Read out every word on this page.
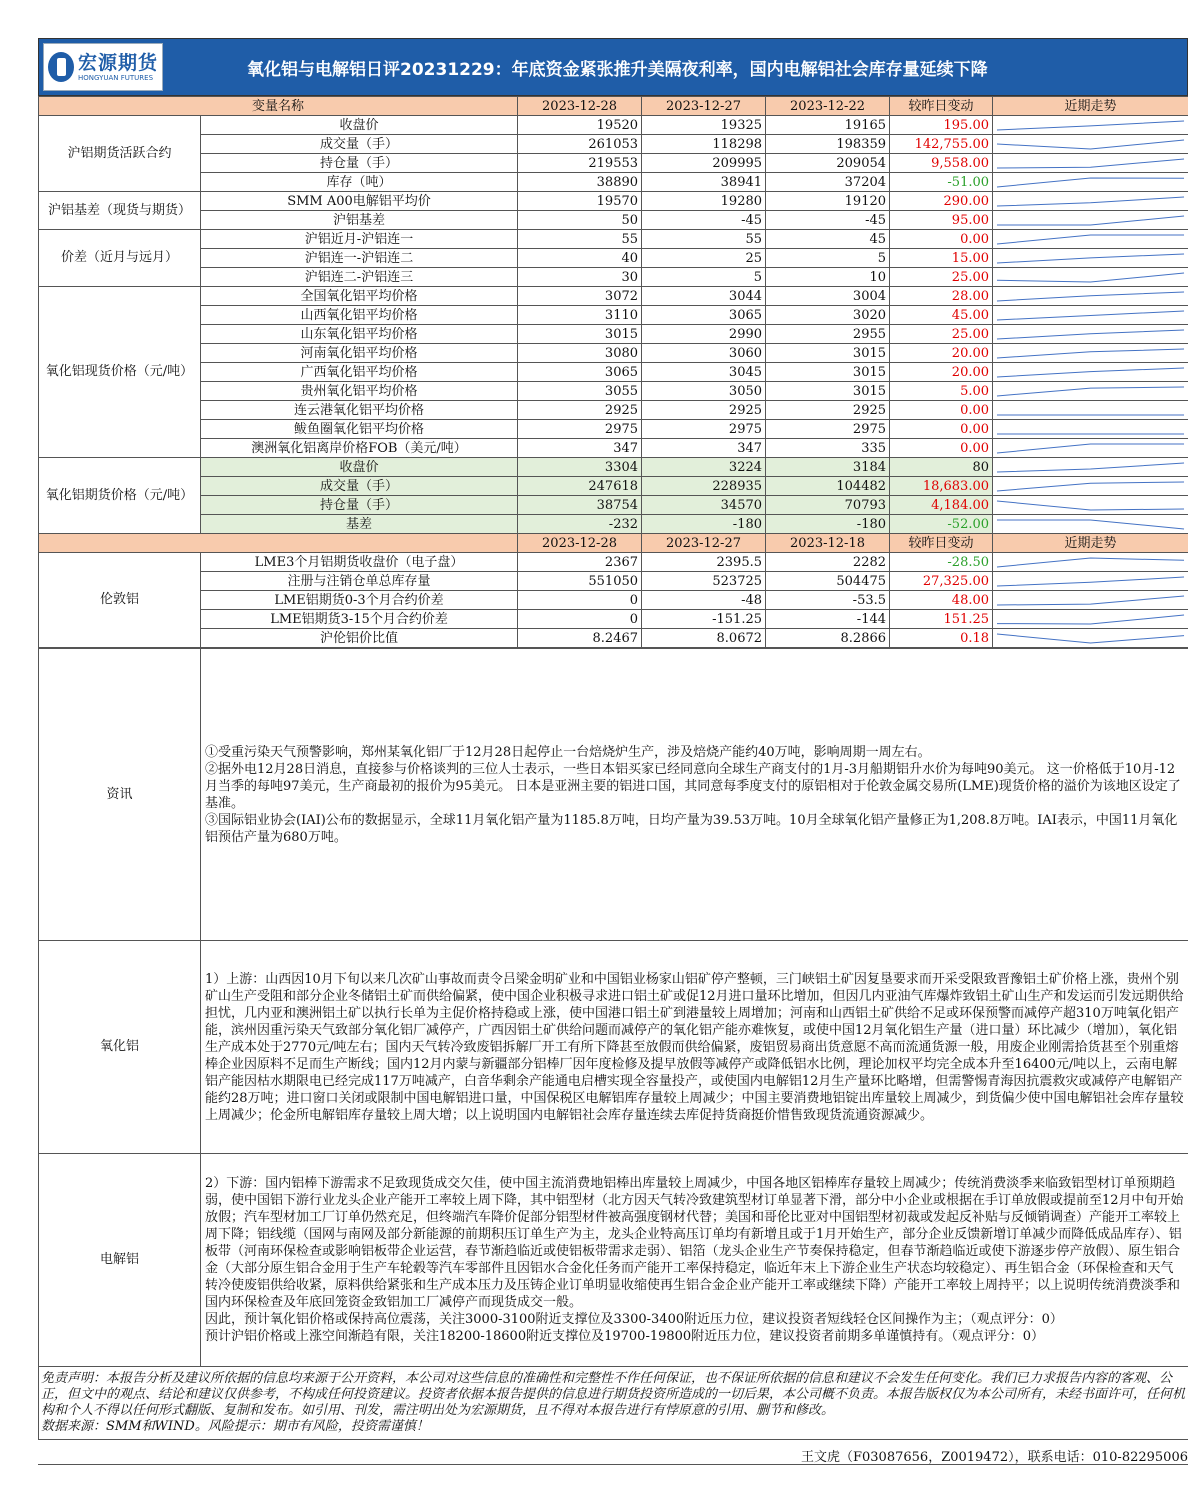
宏源期货
HONGYUAN FUTURES	氧化铝与电解铝日评20231229：年底资金紧张推升美隔夜利率，国内电解铝社会库存量延续下降
变量名称		2023-12-28	2023-12-27	2023-12-22	较昨日变动	近期走势
沪铝期货活跃合约	收盘价	19520	19325	19165	195.00	

	成交量（手）	261053	118298	198359	142,755.00	

	持仓量（手）	219553	209995	209054	9,558.00	

	库存（吨）	38890	38941	37204	-51.00	

沪铝基差（现货与期货）	SMM A00电解铝平均价	19570	19280	19120	290.00	

	沪铝基差	50	-45	-45	95.00	

价差（近月与远月）	沪铝近月-沪铝连一	55	55	45	0.00	

	沪铝连一-沪铝连二	40	25	5	15.00	

	沪铝连二-沪铝连三	30	5	10	25.00	

氧化铝现货价格（元/吨）	全国氧化铝平均价格	3072	3044	3004	28.00	

	山西氧化铝平均价格	3110	3065	3020	45.00	

	山东氧化铝平均价格	3015	2990	2955	25.00	

	河南氧化铝平均价格	3080	3060	3015	20.00	

	广西氧化铝平均价格	3065	3045	3015	20.00	

	贵州氧化铝平均价格	3055	3050	3015	5.00	

	连云港氧化铝平均价格	2925	2925	2925	0.00	

	鲅鱼圈氧化铝平均价格	2975	2975	2975	0.00	

	澳洲氧化铝离岸价格FOB（美元/吨）	347	347	335	0.00	

氧化铝期货价格（元/吨）	收盘价	3304	3224	3184	80	

	成交量（手）	247618	228935	104482	18,683.00	

	持仓量（手）	38754	34570	70793	4,184.00	

	基差	-232	-180	-180	-52.00	

		2023-12-28	2023-12-27	2023-12-18	较昨日变动	近期走势
伦敦铝	LME3个月铝期货收盘价（电子盘）	2367	2395.5	2282	-28.50	

	注册与注销仓单总库存量	551050	523725	504475	27,325.00	

	LME铝期货0-3个月合约价差	0	-48	-53.5	48.00	

	LME铝期货3-15个月合约价差	0	-151.25	-144	151.25	

	沪伦铝价比值	8.2467	8.0672	8.2866	0.18	
资讯	①受重污染天气预警影响，郑州某氧化铝厂于12月28日起停止一台焙烧炉生产，涉及焙烧产能约40万吨，影响周期一周左右。

②据外电12月28日消息，直接参与价格谈判的三位人士表示，一些日本铝买家已经同意向全球生产商支付的1月-3月船期铝升水价为每吨90美元。 这一价格低于10月-12月当季的每吨97美元，生产商最初的报价为95美元。 日本是亚洲主要的铝进口国，其同意每季度支付的原铝相对于伦敦金属交易所(LME)现货价格的溢价为该地区设定了基准。

③国际铝业协会(IAI)公布的数据显示，全球11月氧化铝产量为1185.8万吨，日均产量为39.53万吨。10月全球氧化铝产量修正为1,208.8万吨。IAI表示，中国11月氧化铝预估产量为680万吨。

氧化铝	1）上游：山西因10月下旬以来几次矿山事故而责令吕梁金明矿业和中国铝业杨家山铝矿停产整顿，三门峡铝土矿因复垦要求而开采受限致晋豫铝土矿价格上涨，贵州个别矿山生产受阻和部分企业冬储铝土矿而供给偏紧，使中国企业积极寻求进口铝土矿或促12月进口量环比增加，但因几内亚油气库爆炸致铝土矿山生产和发运而引发远期供给担忧，几内亚和澳洲铝土矿以执行长单为主促价格持稳或上涨，使中国港口铝土矿到港量较上周增加；河南和山西铝土矿供给不足或环保预警而减停产超310万吨氧化铝产能，滨州因重污染天气致部分氧化铝厂减停产，广西因铝土矿供给问题而减停产的氧化铝产能亦难恢复，或使中国12月氧化铝生产量（进口量）环比减少（增加），氧化铝生产成本处于2770元/吨左右；国内天气转冷致废铝拆解厂开工有所下降甚至放假而供给偏紧，废铝贸易商出货意愿不高而流通货源一般，用废企业刚需拾货甚至个别重熔棒企业因原料不足而生产断线；国内12月内蒙与新疆部分铝棒厂因年度检修及提早放假等减停产或降低铝水比例，理论加权平均完全成本升至16400元/吨以上，云南电解铝产能因枯水期限电已经完成117万吨减产，白音华剩余产能通电启槽实现全容量投产，或使国内电解铝12月生产量环比略增，但需警惕青海因抗震救灾或减停产电解铝产能约28万吨；进口窗口关闭或限制中国电解铝进口量，中国保税区电解铝库存量较上周减少；中国主要消费地铝锭出库量较上周减少，到货偏少使中国电解铝社会库存量较上周减少；伦金所电解铝库存量较上周大增；以上说明国内电解铝社会库存量连续去库促持货商挺价惜售致现货流通资源减少。

电解铝	2）下游：国内铝棒下游需求不足致现货成交欠佳，使中国主流消费地铝棒出库量较上周减少，中国各地区铝棒库存量较上周减少；传统消费淡季来临致铝型材订单预期趋弱，使中国铝下游行业龙头企业产能开工率较上周下降，其中铝型材（北方因天气转冷致建筑型材订单显著下滑，部分中小企业或根据在手订单放假或提前至12月中旬开始放假；汽车型材加工厂订单仍然充足，但终端汽车降价促部分铝型材件被高强度钢材代替；美国和哥伦比亚对中国铝型材初裁或发起反补贴与反倾销调查）产能开工率较上周下降；铝线缆（国网与南网及部分新能源的前期积压订单生产为主，龙头企业特高压订单均有新增且或于1月开始生产，部分企业反馈新增订单减少而降低成品库存）、铝板带（河南环保检查或影响铝板带企业运营，春节渐趋临近或使铝板带需求走弱）、铝箔（龙头企业生产节奏保持稳定，但春节渐趋临近或使下游逐步停产放假）、原生铝合金（大部分原生铝合金用于生产车轮毂等汽车零部件且因铝水合金化任务而产能开工率保持稳定，临近年末上下游企业生产状态均较稳定）、再生铝合金（环保检查和天气转冷使废铝供给收紧，原料供给紧张和生产成本压力及压铸企业订单明显收缩使再生铝合金企业产能开工率或继续下降）产能开工率较上周持平；以上说明传统消费淡季和国内环保检查及年底回笼资金致铝加工厂减停产而现货成交一般。

因此，预计氧化铝价格或保持高位震荡，关注3000-3100附近支撑位及3300-3400附近压力位，建议投资者短线轻仓区间操作为主；（观点评分：0）

预计沪铝价格或上涨空间渐趋有限，关注18200-18600附近支撑位及19700-19800附近压力位，建议投资者前期多单谨慎持有。（观点评分：0）

免责声明：本报告分析及建议所依据的信息均来源于公开资料，本公司对这些信息的准确性和完整性不作任何保证，也不保证所依据的信息和建议不会发生任何变化。我们已力求报告内容的客观、公正，但文中的观点、结论和建议仅供参考，不构成任何投资建议。投资者依据本报告提供的信息进行期货投资所造成的一切后果，本公司概不负责。本报告版权仅为本公司所有，未经书面许可，任何机构和个人不得以任何形式翻版、复制和发布。如引用、刊发，需注明出处为宏源期货，且不得对本报告进行有悖原意的引用、删节和修改。

数据来源：SMM和WIND。风险提示：期市有风险，投资需谨慎！

王文虎（F03087656，Z0019472），联系电话：010-82295006
